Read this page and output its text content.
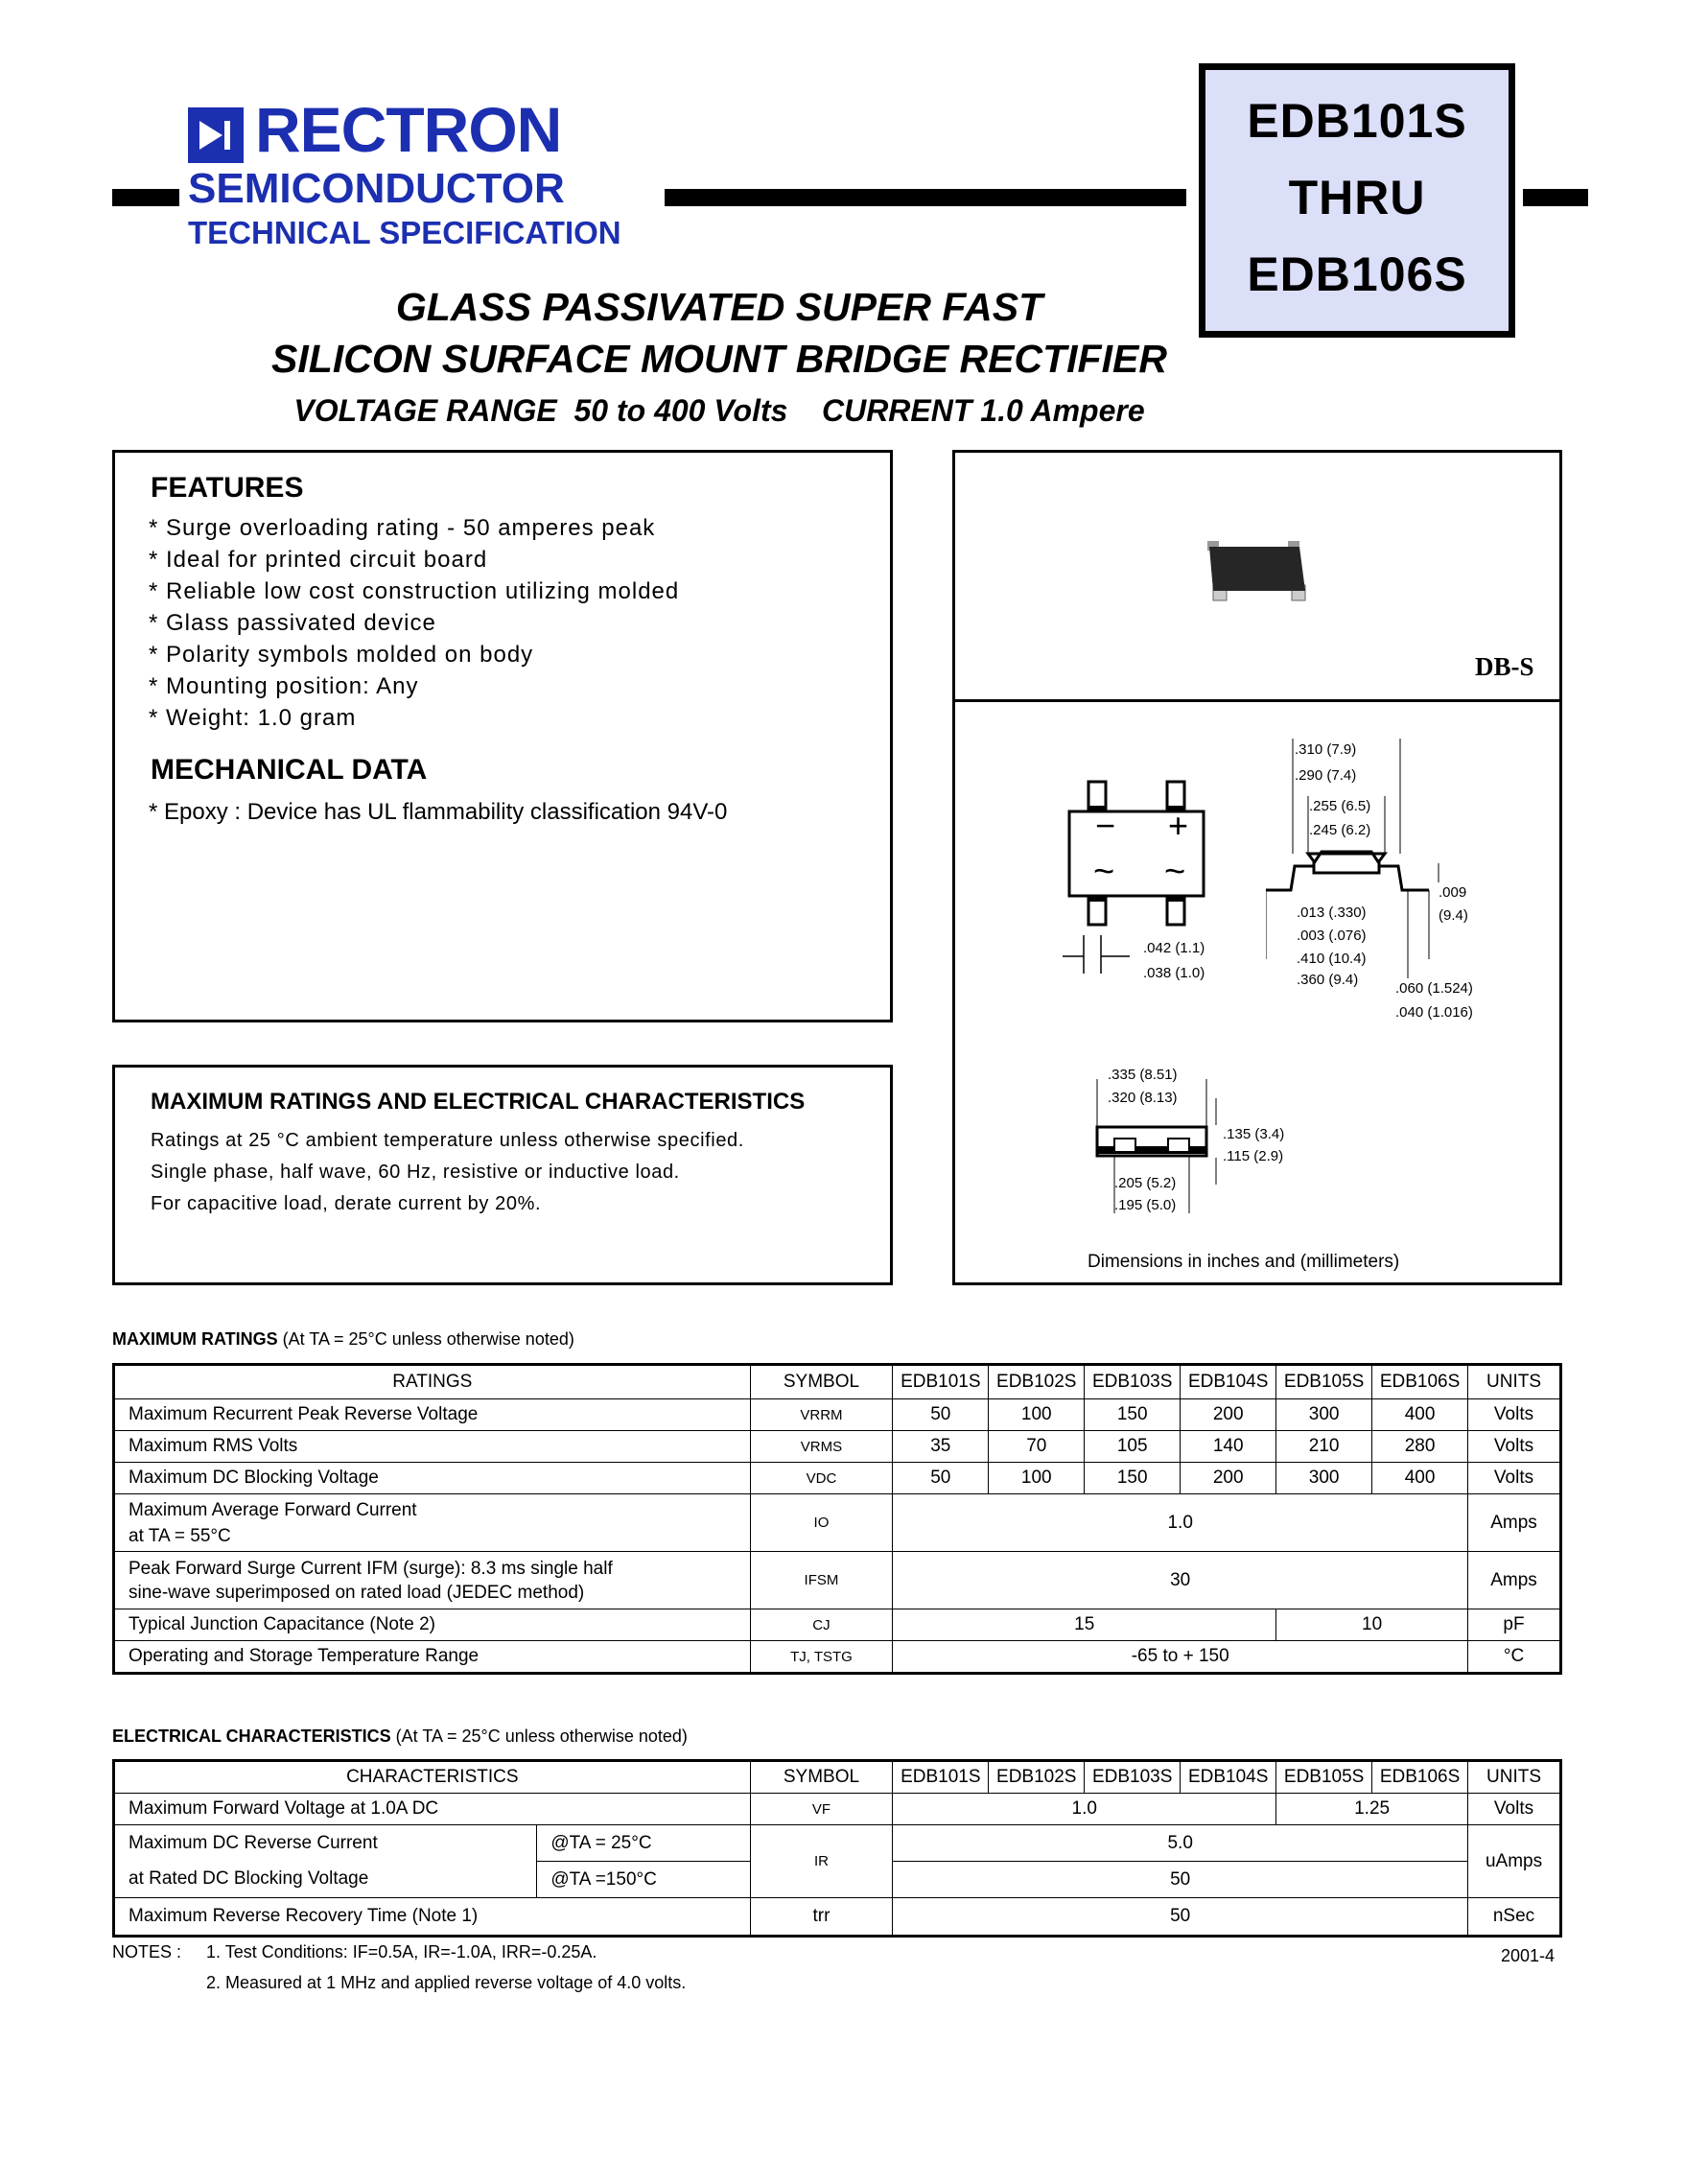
RECTRON
SEMICONDUCTOR
TECHNICAL SPECIFICATION
EDB101S
THRU
EDB106S
GLASS PASSIVATED SUPER FAST
SILICON SURFACE MOUNT BRIDGE RECTIFIER
VOLTAGE RANGE  50 to 400 Volts    CURRENT 1.0 Ampere
FEATURES
* Surge overloading rating - 50 amperes peak
* Ideal for printed circuit board
* Reliable low cost construction utilizing molded
* Glass passivated device
* Polarity symbols molded on body
* Mounting position: Any
* Weight: 1.0 gram
MECHANICAL DATA
* Epoxy : Device has UL flammability classification 94V-0
DB-S
− +
~ ~
.042 (1.1)
.038 (1.0)
.310 (7.9)
.290 (7.4)
.255 (6.5)
.245 (6.2)
.009
(9.4)
.013 (.330)
.003 (.076)
.410 (10.4)
.360 (9.4)
.060 (1.524)
.040 (1.016)
.335 (8.51)
.320 (8.13)
.135 (3.4)
.115 (2.9)
.205 (5.2)
.195 (5.0)
Dimensions in inches and (millimeters)
MAXIMUM RATINGS AND ELECTRICAL CHARACTERISTICS
Ratings at 25 °C ambient temperature unless otherwise specified.
Single phase, half wave, 60 Hz, resistive or inductive load.
For capacitive load, derate current by 20%.
MAXIMUM RATINGS (At TA = 25°C unless otherwise noted)
RATINGS	SYMBOL	EDB101S	EDB102S	EDB103S	EDB104S	EDB105S	EDB106S	UNITS
Maximum Recurrent Peak Reverse Voltage	VRRM	50	100	150	200	300	400	Volts
Maximum RMS Volts	VRMS	35	70	105	140	210	280	Volts
Maximum DC Blocking Voltage	VDC	50	100	150	200	300	400	Volts

Maximum Average Forward Current
at TA = 55°C	IO	1.0						Amps

Peak Forward Surge Current IFM (surge): 8.3 ms single half
sine-wave superimposed on rated load (JEDEC method)	IFSM	30						Amps
Typical Junction Capacitance (Note 2)	CJ	15				10		pF
Operating and Storage Temperature Range	TJ, TSTG	-65 to + 150						°C
ELECTRICAL CHARACTERISTICS (At TA = 25°C unless otherwise noted)
CHARACTERISTICS		SYMBOL	EDB101S	EDB102S	EDB103S	EDB104S	EDB105S	EDB106S	UNITS
Maximum Forward Voltage at 1.0A DC		VF	1.0				1.25		Volts
Maximum DC Reverse Current	@TA = 25°C	IR	5.0						uAmps
at Rated DC Blocking Voltage	@TA =150°C		50						
Maximum Reverse Recovery Time (Note 1)		trr	50						nSec
NOTES : 1. Test Conditions: IF=0.5A, IR=-1.0A, IRR=-0.25A.
2. Measured at 1 MHz and applied reverse voltage of 4.0 volts.
2001-4
